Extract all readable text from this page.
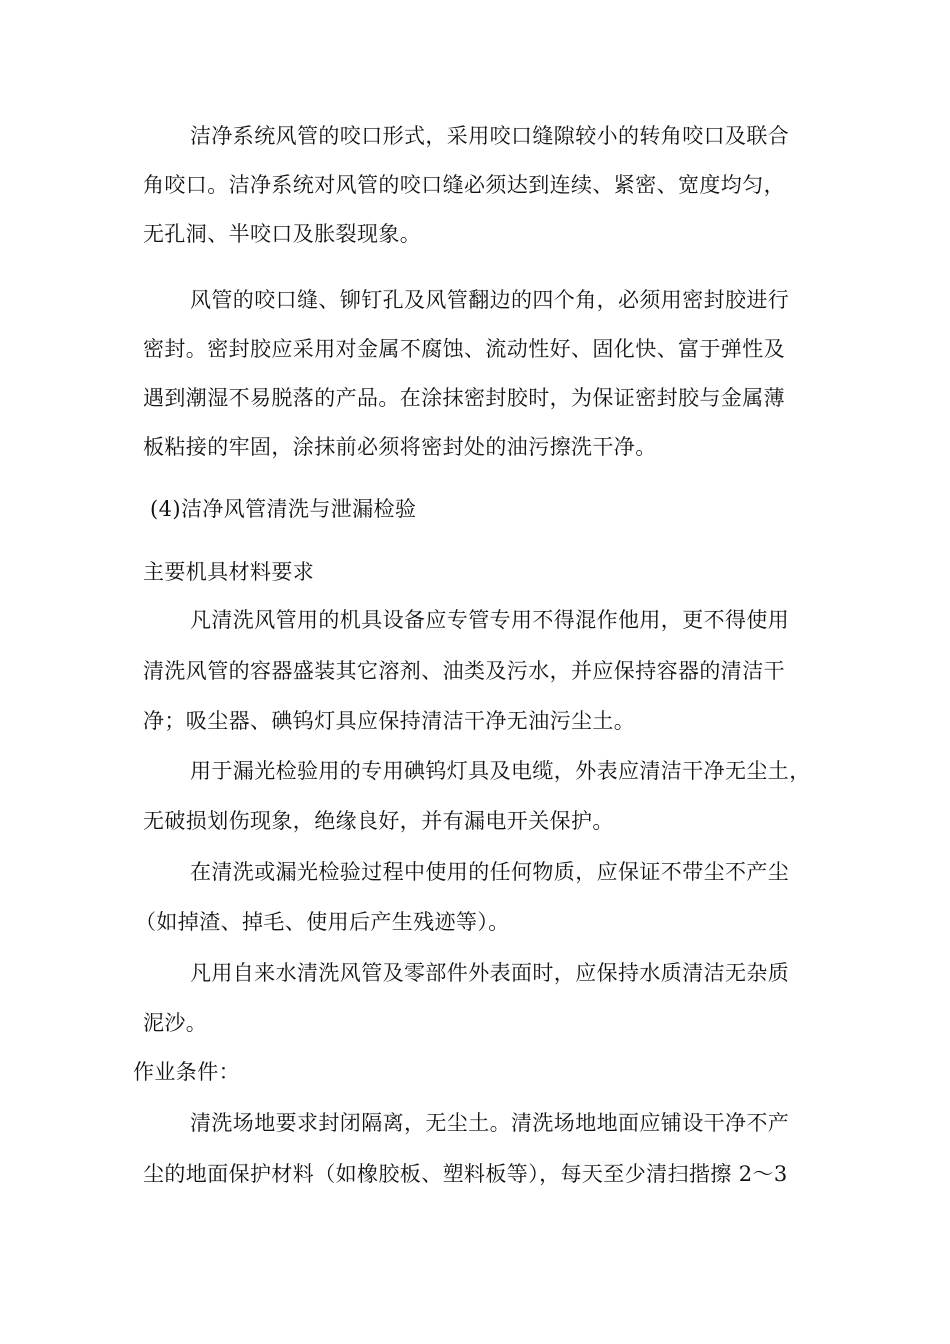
洁净系统风管的咬口形式，采用咬口缝隙较小的转角咬口及联合
角咬口。洁净系统对风管的咬口缝必须达到连续、紧密、宽度均匀，
无孔洞、半咬口及胀裂现象。
风管的咬口缝、铆钉孔及风管翻边的四个角，必须用密封胶进行
密封。密封胶应采用对金属不腐蚀、流动性好、固化快、富于弹性及
遇到潮湿不易脱落的产品。在涂抹密封胶时，为保证密封胶与金属薄
板粘接的牢固，涂抹前必须将密封处的油污擦洗干净。
(4)洁净风管清洗与泄漏检验
主要机具材料要求
凡清洗风管用的机具设备应专管专用不得混作他用，更不得使用
清洗风管的容器盛装其它溶剂、油类及污水，并应保持容器的清洁干
净；吸尘器、碘钨灯具应保持清洁干净无油污尘土。
用于漏光检验用的专用碘钨灯具及电缆，外表应清洁干净无尘土，
无破损划伤现象，绝缘良好，并有漏电开关保护。
在清洗或漏光检验过程中使用的任何物质，应保证不带尘不产尘
（如掉渣、掉毛、使用后产生残迹等）。
凡用自来水清洗风管及零部件外表面时，应保持水质清洁无杂质
泥沙。
作业条件：
清洗场地要求封闭隔离，无尘土。清洗场地地面应铺设干净不产
尘的地面保护材料（如橡胶板、塑料板等），每天至少清扫揩擦 2～3
